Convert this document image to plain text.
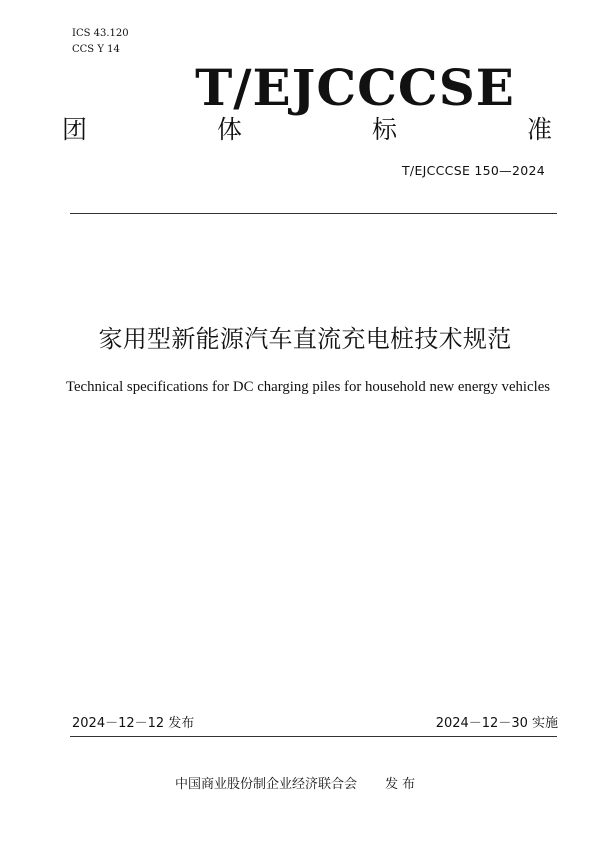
ICS 43.120
CCS Y 14
T/EJCCCSE
团	体	标	准
T/EJCCCSE 150—2024
家用型新能源汽车直流充电桩技术规范
Technical specifications for DC charging piles for household new energy vehicles
2024－12－12 发布	2024－12－30 实施
中国商业股份制企业经济联合会 发 布
